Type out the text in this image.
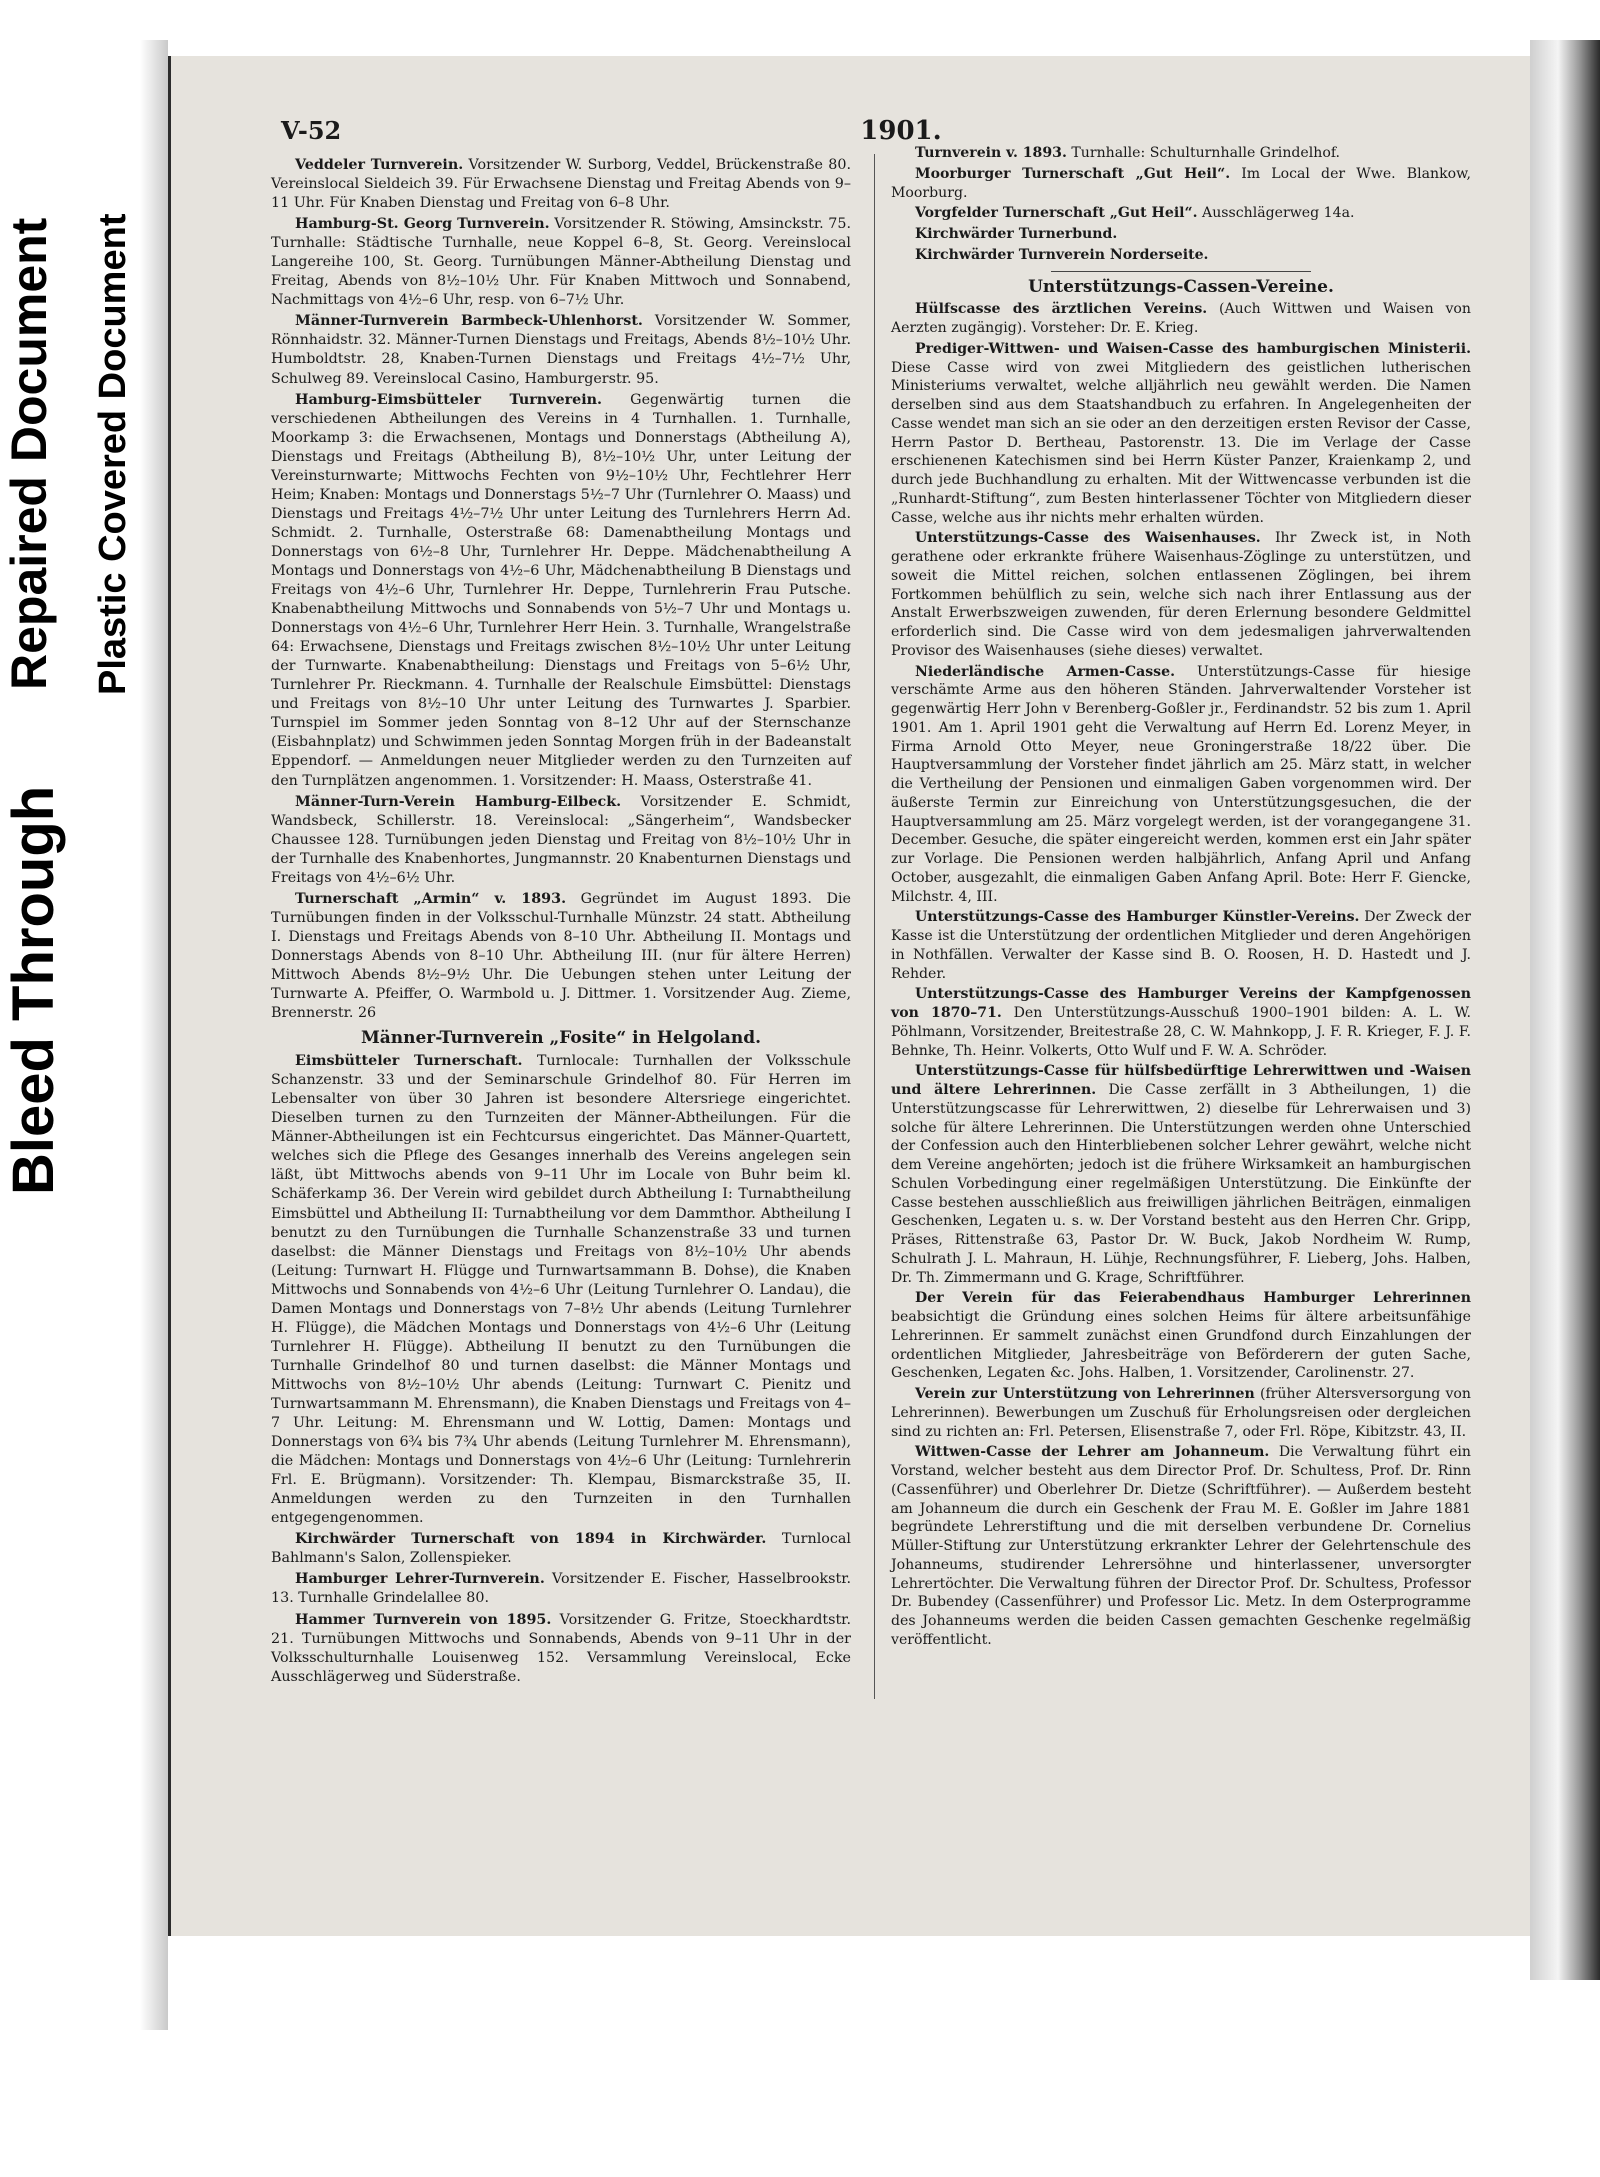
Bleed Through
Repaired Document Plastic Covered Document
V-52	1901.

Veddeler Turnverein. Vorsitzender W. Surborg, Veddel, Brückenstraße 80. Vereinslocal Sieldeich 39. Für Erwachsene Dienstag und Freitag Abends von 9–11 Uhr. Für Knaben Dienstag und Freitag von 6–8 Uhr.

Hamburg-St. Georg Turnverein. Vorsitzender R. Stöwing, Amsinckstr. 75. Turnhalle: Städtische Turnhalle, neue Koppel 6–8, St. Georg. Vereinslocal Langereihe 100, St. Georg. Turnübungen Männer-Abtheilung Dienstag und Freitag, Abends von 8½–10½ Uhr. Für Knaben Mittwoch und Sonnabend, Nachmittags von 4½–6 Uhr, resp. von 6–7½ Uhr.

Männer-Turnverein Barmbeck-Uhlenhorst. Vorsitzender W. Sommer, Rönnhaidstr. 32. Männer-Turnen Dienstags und Freitags, Abends 8½–10½ Uhr. Humboldtstr. 28, Knaben-Turnen Dienstags und Freitags 4½–7½ Uhr, Schulweg 89. Vereinslocal Casino, Hamburgerstr. 95.

Hamburg-Eimsbütteler Turnverein. Gegenwärtig turnen die verschiedenen Abtheilungen des Vereins in 4 Turnhallen. 1. Turnhalle, Moorkamp 3: die Erwachsenen, Montags und Donnerstags (Abtheilung A), Dienstags und Freitags (Abtheilung B), 8½–10½ Uhr, unter Leitung der Vereinsturnwarte; Mittwochs Fechten von 9½–10½ Uhr, Fechtlehrer Herr Heim; Knaben: Montags und Donnerstags 5½–7 Uhr (Turnlehrer O. Maass) und Dienstags und Freitags 4½–7½ Uhr unter Leitung des Turnlehrers Herrn Ad. Schmidt. 2. Turnhalle, Osterstraße 68: Damenabtheilung Montags und Donnerstags von 6½–8 Uhr, Turnlehrer Hr. Deppe. Mädchenabtheilung A Montags und Donnerstags von 4½–6 Uhr, Mädchenabtheilung B Dienstags und Freitags von 4½–6 Uhr, Turnlehrer Hr. Deppe, Turnlehrerin Frau Putsche. Knabenabtheilung Mittwochs und Sonnabends von 5½–7 Uhr und Montags u. Donnerstags von 4½–6 Uhr, Turnlehrer Herr Hein. 3. Turnhalle, Wrangelstraße 64: Erwachsene, Dienstags und Freitags zwischen 8½–10½ Uhr unter Leitung der Turnwarte. Knabenabtheilung: Dienstags und Freitags von 5–6½ Uhr, Turnlehrer Pr. Rieckmann. 4. Turnhalle der Realschule Eimsbüttel: Dienstags und Freitags von 8½–10 Uhr unter Leitung des Turnwartes J. Sparbier. Turnspiel im Sommer jeden Sonntag von 8–12 Uhr auf der Sternschanze (Eisbahnplatz) und Schwimmen jeden Sonntag Morgen früh in der Badeanstalt Eppendorf. — Anmeldungen neuer Mitglieder werden zu den Turnzeiten auf den Turnplätzen angenommen. 1. Vorsitzender: H. Maass, Osterstraße 41.

Männer-Turn-Verein Hamburg-Eilbeck. Vorsitzender E. Schmidt, Wandsbeck, Schillerstr. 18. Vereinslocal: „Sängerheim“, Wandsbecker Chaussee 128. Turnübungen jeden Dienstag und Freitag von 8½–10½ Uhr in der Turnhalle des Knabenhortes, Jungmannstr. 20 Knabenturnen Dienstags und Freitags von 4½–6½ Uhr.

Turnerschaft „Armin“ v. 1893. Gegründet im August 1893. Die Turnübungen finden in der Volksschul-Turnhalle Münzstr. 24 statt. Abtheilung I. Dienstags und Freitags Abends von 8–10 Uhr. Abtheilung II. Montags und Donnerstags Abends von 8–10 Uhr. Abtheilung III. (nur für ältere Herren) Mittwoch Abends 8½–9½ Uhr. Die Uebungen stehen unter Leitung der Turnwarte A. Pfeiffer, O. Warmbold u. J. Dittmer. 1. Vorsitzender Aug. Zieme, Brennerstr. 26

Männer-Turnverein „Fosite“ in Helgoland.

Eimsbütteler Turnerschaft. Turnlocale: Turnhallen der Volksschule Schanzenstr. 33 und der Seminarschule Grindelhof 80. Für Herren im Lebensalter von über 30 Jahren ist besondere Altersriege eingerichtet. Dieselben turnen zu den Turnzeiten der Männer-Abtheilungen. Für die Männer-Abtheilungen ist ein Fechtcursus eingerichtet. Das Männer-Quartett, welches sich die Pflege des Gesanges innerhalb des Vereins angelegen sein läßt, übt Mittwochs abends von 9–11 Uhr im Locale von Buhr beim kl. Schäferkamp 36. Der Verein wird gebildet durch Abtheilung I: Turnabtheilung Eimsbüttel und Abtheilung II: Turnabtheilung vor dem Dammthor. Abtheilung I benutzt zu den Turnübungen die Turnhalle Schanzenstraße 33 und turnen daselbst: die Männer Dienstags und Freitags von 8½–10½ Uhr abends (Leitung: Turnwart H. Flügge und Turnwartsammann B. Dohse), die Knaben Mittwochs und Sonnabends von 4½–6 Uhr (Leitung Turnlehrer O. Landau), die Damen Montags und Donnerstags von 7–8½ Uhr abends (Leitung Turnlehrer H. Flügge), die Mädchen Montags und Donnerstags von 4½–6 Uhr (Leitung Turnlehrer H. Flügge). Abtheilung II benutzt zu den Turnübungen die Turnhalle Grindelhof 80 und turnen daselbst: die Männer Montags und Mittwochs von 8½–10½ Uhr abends (Leitung: Turnwart C. Pienitz und Turnwartsammann M. Ehrensmann), die Knaben Dienstags und Freitags von 4–7 Uhr. Leitung: M. Ehrensmann und W. Lottig, Damen: Montags und Donnerstags von 6¾ bis 7¾ Uhr abends (Leitung Turnlehrer M. Ehrensmann), die Mädchen: Montags und Donnerstags von 4½–6 Uhr (Leitung: Turnlehrerin Frl. E. Brügmann). Vorsitzender: Th. Klempau, Bismarckstraße 35, II. Anmeldungen werden zu den Turnzeiten in den Turnhallen entgegengenommen.

Kirchwärder Turnerschaft von 1894 in Kirchwärder. Turnlocal Bahlmann's Salon, Zollenspieker.

Hamburger Lehrer-Turnverein. Vorsitzender E. Fischer, Hasselbrookstr. 13. Turnhalle Grindelallee 80.

Hammer Turnverein von 1895. Vorsitzender G. Fritze, Stoeckhardtstr. 21. Turnübungen Mittwochs und Sonnabends, Abends von 9–11 Uhr in der Volksschulturnhalle Louisenweg 152. Versammlung Vereinslocal, Ecke Ausschlägerweg und Süderstraße.

Turnverein v. 1893. Turnhalle: Schulturnhalle Grindelhof.

Moorburger Turnerschaft „Gut Heil“. Im Local der Wwe. Blankow, Moorburg.

Vorgfelder Turnerschaft „Gut Heil“. Ausschlägerweg 14a.

Kirchwärder Turnerbund.

Kirchwärder Turnverein Norderseite.

Unterstützungs-Cassen-Vereine.

Hülfscasse des ärztlichen Vereins. (Auch Wittwen und Waisen von Aerzten zugängig). Vorsteher: Dr. E. Krieg.

Prediger-Wittwen- und Waisen-Casse des hamburgischen Ministerii. Diese Casse wird von zwei Mitgliedern des geistlichen lutherischen Ministeriums verwaltet, welche alljährlich neu gewählt werden. Die Namen derselben sind aus dem Staatshandbuch zu erfahren. In Angelegenheiten der Casse wendet man sich an sie oder an den derzeitigen ersten Revisor der Casse, Herrn Pastor D. Bertheau, Pastorenstr. 13. Die im Verlage der Casse erschienenen Katechismen sind bei Herrn Küster Panzer, Kraienkamp 2, und durch jede Buchhandlung zu erhalten. Mit der Wittwencasse verbunden ist die „Runhardt-Stiftung“, zum Besten hinterlassener Töchter von Mitgliedern dieser Casse, welche aus ihr nichts mehr erhalten würden.

Unterstützungs-Casse des Waisenhauses. Ihr Zweck ist, in Noth gerathene oder erkrankte frühere Waisenhaus-Zöglinge zu unterstützen, und soweit die Mittel reichen, solchen entlassenen Zöglingen, bei ihrem Fortkommen behülflich zu sein, welche sich nach ihrer Entlassung aus der Anstalt Erwerbszweigen zuwenden, für deren Erlernung besondere Geldmittel erforderlich sind. Die Casse wird von dem jedesmaligen jahrverwaltenden Provisor des Waisenhauses (siehe dieses) verwaltet.

Niederländische Armen-Casse. Unterstützungs-Casse für hiesige verschämte Arme aus den höheren Ständen. Jahrverwaltender Vorsteher ist gegenwärtig Herr John v Berenberg-Goßler jr., Ferdinandstr. 52 bis zum 1. April 1901. Am 1. April 1901 geht die Verwaltung auf Herrn Ed. Lorenz Meyer, in Firma Arnold Otto Meyer, neue Groningerstraße 18/22 über. Die Hauptversammlung der Vorsteher findet jährlich am 25. März statt, in welcher die Vertheilung der Pensionen und einmaligen Gaben vorgenommen wird. Der äußerste Termin zur Einreichung von Unterstützungsgesuchen, die der Hauptversammlung am 25. März vorgelegt werden, ist der vorangegangene 31. December. Gesuche, die später eingereicht werden, kommen erst ein Jahr später zur Vorlage. Die Pensionen werden halbjährlich, Anfang April und Anfang October, ausgezahlt, die einmaligen Gaben Anfang April. Bote: Herr F. Giencke, Milchstr. 4, III.

Unterstützungs-Casse des Hamburger Künstler-Vereins. Der Zweck der Kasse ist die Unterstützung der ordentlichen Mitglieder und deren Angehörigen in Nothfällen. Verwalter der Kasse sind B. O. Roosen, H. D. Hastedt und J. Rehder.

Unterstützungs-Casse des Hamburger Vereins der Kampfgenossen von 1870–71. Den Unterstützungs-Ausschuß 1900–1901 bilden: A. L. W. Pöhlmann, Vorsitzender, Breitestraße 28, C. W. Mahnkopp, J. F. R. Krieger, F. J. F. Behnke, Th. Heinr. Volkerts, Otto Wulf und F. W. A. Schröder.

Unterstützungs-Casse für hülfsbedürftige Lehrerwittwen und -Waisen und ältere Lehrerinnen. Die Casse zerfällt in 3 Abtheilungen, 1) die Unterstützungscasse für Lehrerwittwen, 2) dieselbe für Lehrerwaisen und 3) solche für ältere Lehrerinnen. Die Unterstützungen werden ohne Unterschied der Confession auch den Hinterbliebenen solcher Lehrer gewährt, welche nicht dem Vereine angehörten; jedoch ist die frühere Wirksamkeit an hamburgischen Schulen Vorbedingung einer regelmäßigen Unterstützung. Die Einkünfte der Casse bestehen ausschließlich aus freiwilligen jährlichen Beiträgen, einmaligen Geschenken, Legaten u. s. w. Der Vorstand besteht aus den Herren Chr. Gripp, Präses, Rittenstraße 63, Pastor Dr. W. Buck, Jakob Nordheim W. Rump, Schulrath J. L. Mahraun, H. Lühje, Rechnungsführer, F. Lieberg, Johs. Halben, Dr. Th. Zimmermann und G. Krage, Schriftführer.

Der Verein für das Feierabendhaus Hamburger Lehrerinnen beabsichtigt die Gründung eines solchen Heims für ältere arbeitsunfähige Lehrerinnen. Er sammelt zunächst einen Grundfond durch Einzahlungen der ordentlichen Mitglieder, Jahresbeiträge von Beförderern der guten Sache, Geschenken, Legaten &c. Johs. Halben, 1. Vorsitzender, Carolinenstr. 27.

Verein zur Unterstützung von Lehrerinnen (früher Altersversorgung von Lehrerinnen). Bewerbungen um Zuschuß für Erholungsreisen oder dergleichen sind zu richten an: Frl. Petersen, Elisenstraße 7, oder Frl. Röpe, Kibitzstr. 43, II.

Wittwen-Casse der Lehrer am Johanneum. Die Verwaltung führt ein Vorstand, welcher besteht aus dem Director Prof. Dr. Schultess, Prof. Dr. Rinn (Cassenführer) und Oberlehrer Dr. Dietze (Schriftführer). — Außerdem besteht am Johanneum die durch ein Geschenk der Frau M. E. Goßler im Jahre 1881 begründete Lehrerstiftung und die mit derselben verbundene Dr. Cornelius Müller-Stiftung zur Unterstützung erkrankter Lehrer der Gelehrtenschule des Johanneums, studirender Lehrersöhne und hinterlassener, unversorgter Lehrertöchter. Die Verwaltung führen der Director Prof. Dr. Schultess, Professor Dr. Bubendey (Cassenführer) und Professor Lic. Metz. In dem Osterprogramme des Johanneums werden die beiden Cassen gemachten Geschenke regelmäßig veröffentlicht.
